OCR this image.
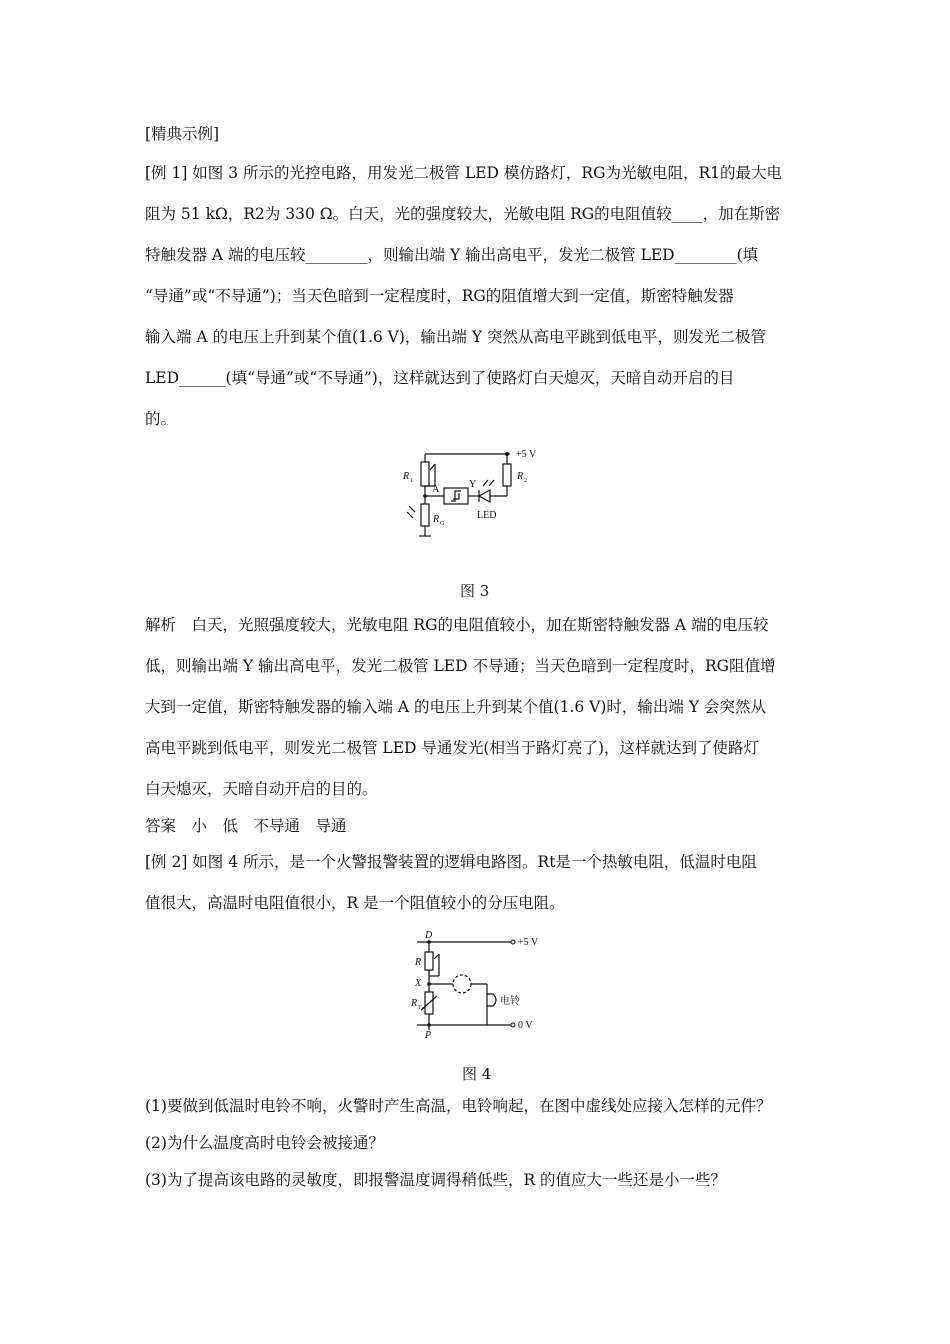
[精典示例]
[例 1] 如图 3 所示的光控电路，用发光二极管 LED 模仿路灯，RG为光敏电阻，R1的最大电
阻为 51 kΩ，R2为 330 Ω。白天，光的强度较大，光敏电阻 RG的电阻值较____，加在斯密
特触发器 A 端的电压较________，则输出端 Y 输出高电平，发光二极管 LED________(填
“导通”或“不导通”)；当天色暗到一定程度时，RG的阻值增大到一定值，斯密特触发器
输入端 A 的电压上升到某个值(1.6 V)，输出端 Y 突然从高电平跳到低电平，则发光二极管
LED______(填“导通”或“不导通”)，这样就达到了使路灯白天熄灭，天暗自动开启的目
的。
+5 V
R 1	R 2
A	Y
LED
R G
图 3
解析　白天，光照强度较大，光敏电阻 RG的电阻值较小，加在斯密特触发器 A 端的电压较
低，则输出端 Y 输出高电平，发光二极管 LED 不导通；当天色暗到一定程度时，RG阻值增
大到一定值，斯密特触发器的输入端 A 的电压上升到某个值(1.6 V)时，输出端 Y 会突然从
高电平跳到低电平，则发光二极管 LED 导通发光(相当于路灯亮了)，这样就达到了使路灯
白天熄灭，天暗自动开启的目的。
答案　小　低　不导通　导通
[例 2] 如图 4 所示，是一个火警报警装置的逻辑电路图。Rt是一个热敏电阻，低温时电阻
值很大，高温时电阻值很小，R 是一个阻值较小的分压电阻。
D
+5 V
R
X
R T
电铃
0 V
P
图 4
(1)要做到低温时电铃不响，火警时产生高温，电铃响起，在图中虚线处应接入怎样的元件？
(2)为什么温度高时电铃会被接通？
(3)为了提高该电路的灵敏度，即报警温度调得稍低些，R 的值应大一些还是小一些？
